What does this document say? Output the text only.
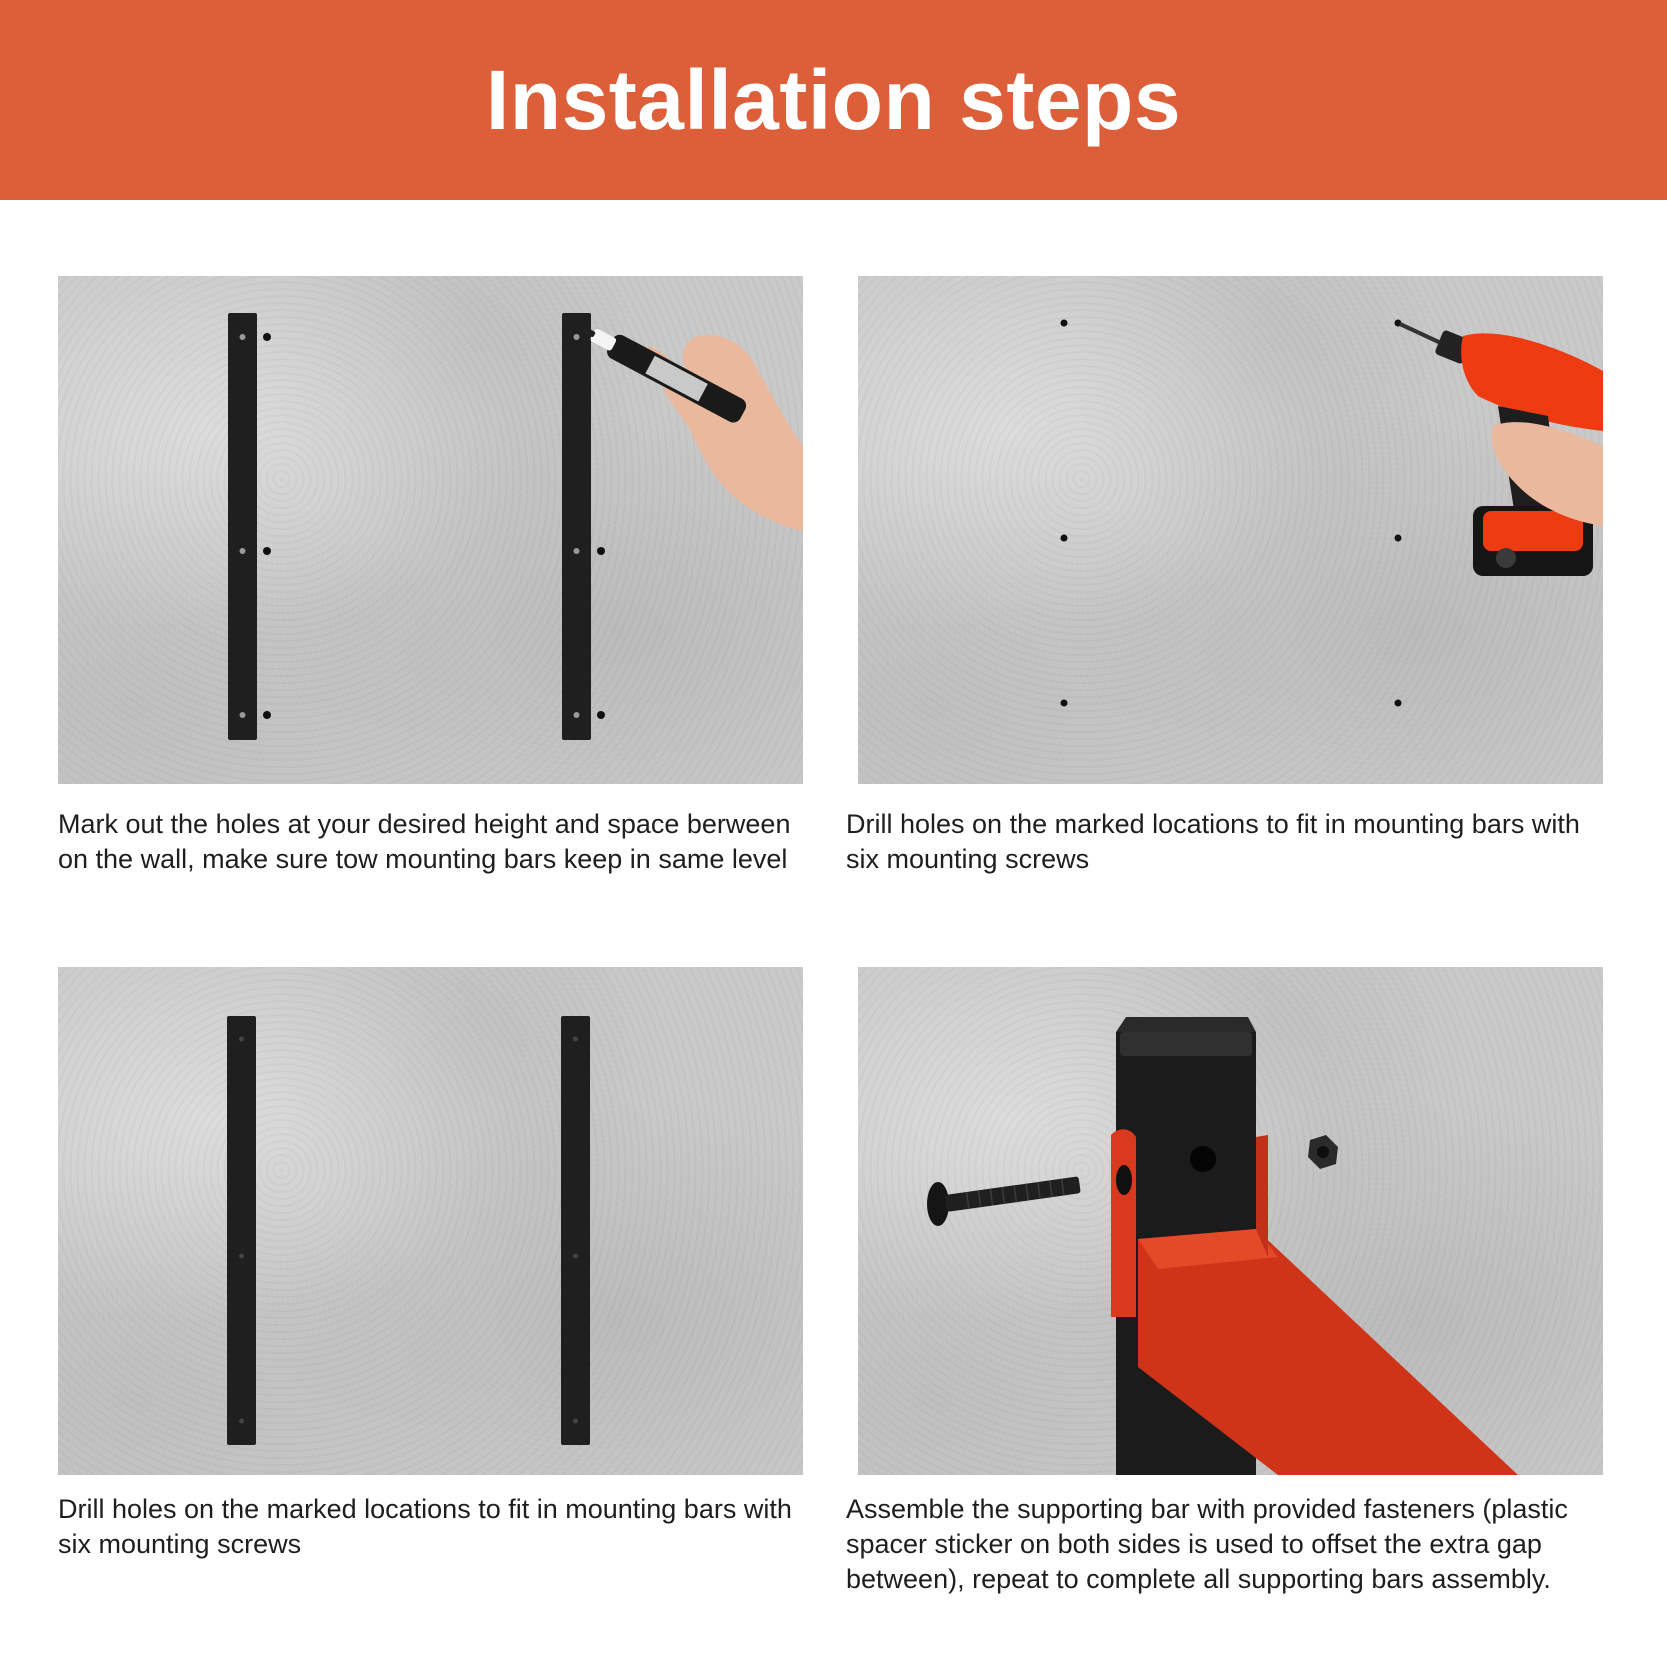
Installation steps

Mark out the holes at your desired height and space berween on the wall, make sure tow mounting bars keep in same level

Drill holes on the marked locations to fit in mounting bars with six mounting screws

Drill holes on the marked locations to fit in mounting bars with six mounting screws

Assemble the supporting bar with provided fasteners (plastic spacer sticker on both sides is used to offset the extra gap between), repeat to complete all supporting bars assembly.
